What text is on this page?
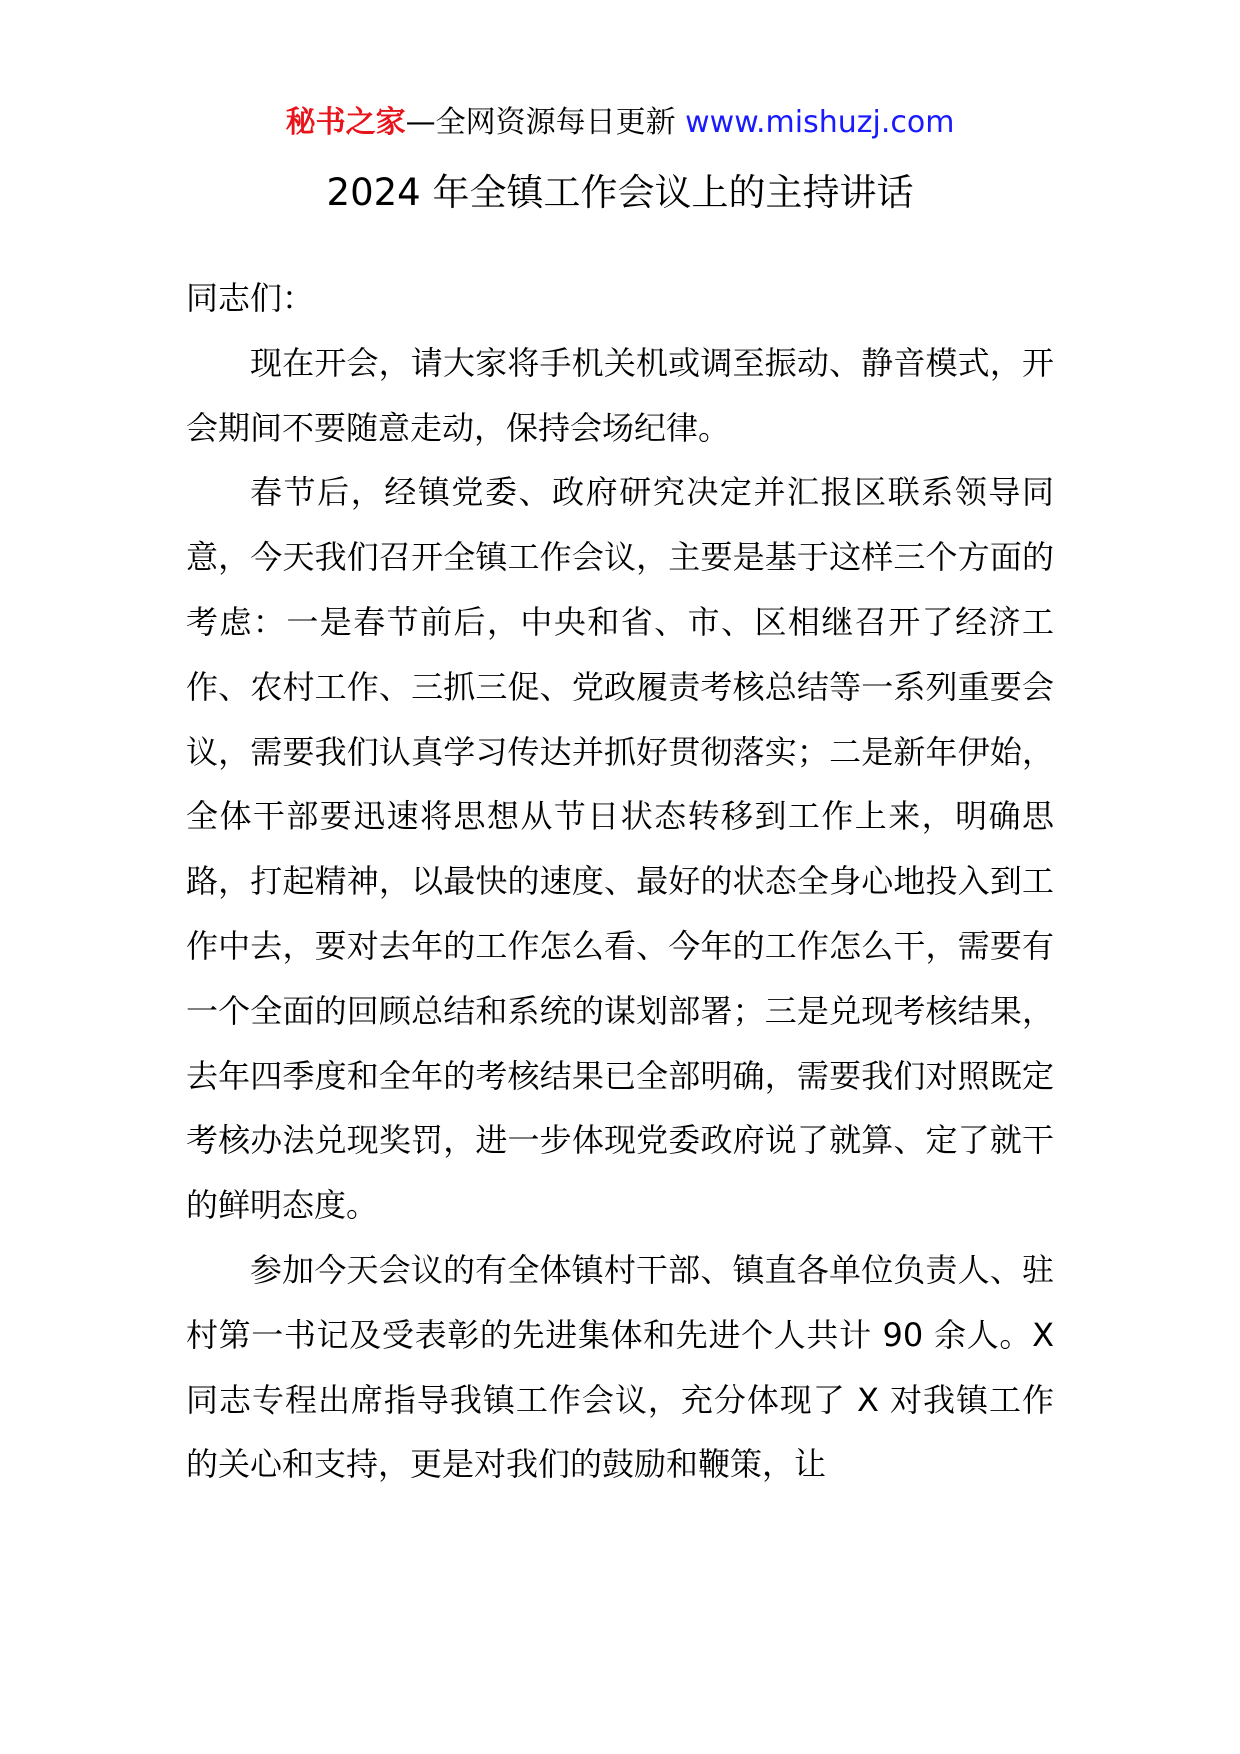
秘书之家—全网资源每日更新 www.mishuzj.com
2024 年全镇工作会议上的主持讲话

同志们：

现在开会，请大家将手机关机或调至振动、静音模式，开会期间不要随意走动，保持会场纪律。

春节后，经镇党委、政府研究决定并汇报区联系领导同意，今天我们召开全镇工作会议，主要是基于这样三个方面的考虑：一是春节前后，中央和省、市、区相继召开了经济工作、农村工作、三抓三促、党政履责考核总结等一系列重要会议，需要我们认真学习传达并抓好贯彻落实；二是新年伊始，全体干部要迅速将思想从节日状态转移到工作上来，明确思路，打起精神，以最快的速度、最好的状态全身心地投入到工作中去，要对去年的工作怎么看、今年的工作怎么干，需要有一个全面的回顾总结和系统的谋划部署；三是兑现考核结果，去年四季度和全年的考核结果已全部明确，需要我们对照既定考核办法兑现奖罚，进一步体现党委政府说了就算、定了就干的鲜明态度。

参加今天会议的有全体镇村干部、镇直各单位负责人、驻村第一书记及受表彰的先进集体和先进个人共计 90 余人。X 同志专程出席指导我镇工作会议，充分体现了 X 对我镇工作的关心和支持，更是对我们的鼓励和鞭策，让
